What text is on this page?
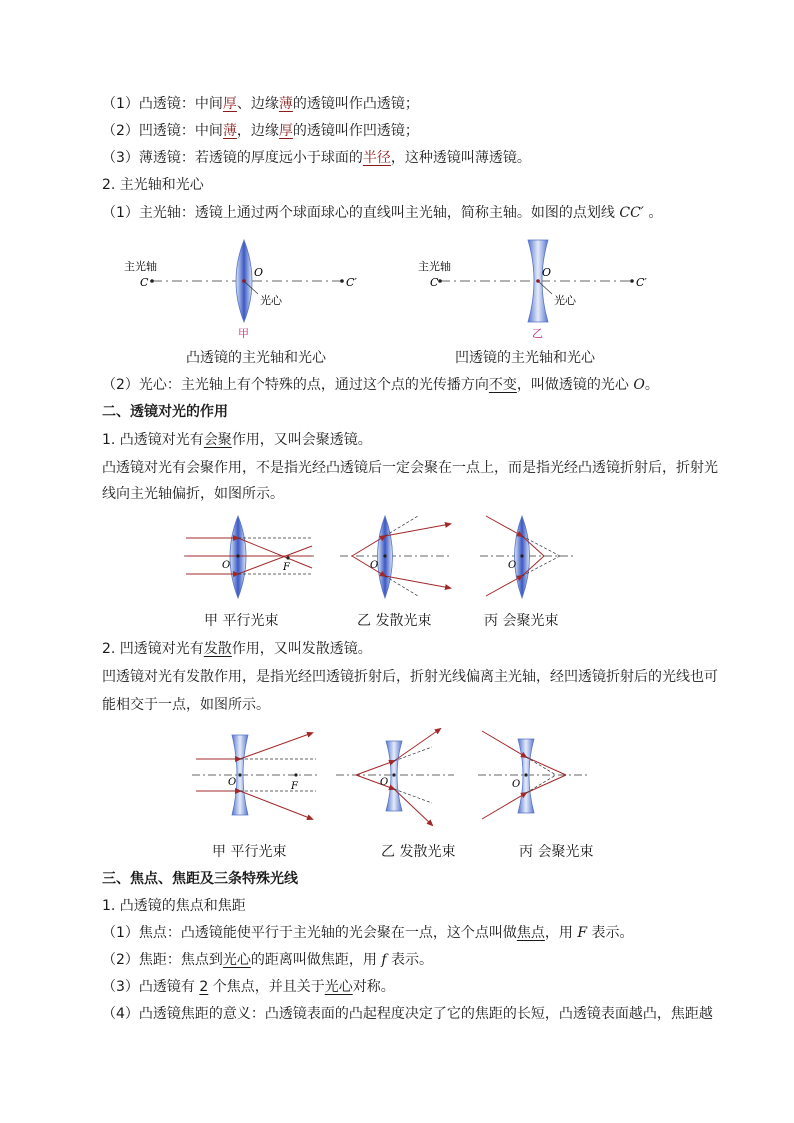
（1）凸透镜：中间厚、边缘薄的透镜叫作凸透镜；
（2）凹透镜：中间薄，边缘厚的透镜叫作凹透镜；
（3）薄透镜：若透镜的厚度远小于球面的半径，这种透镜叫薄透镜。
2. 主光轴和光心
（1）主光轴：透镜上通过两个球面球心的直线叫主光轴，简称主轴。如图的点划线 CC′ 。
主光轴
C
O
C′
光心
甲
主光轴
C
O
C′
光心
乙
凸透镜的主光轴和光心	凹透镜的主光轴和光心
（2）光心：主光轴上有个特殊的点，通过这个点的光传播方向不变，叫做透镜的光心 O。
二、透镜对光的作用
1. 凸透镜对光有会聚作用，又叫会聚透镜。
凸透镜对光有会聚作用，不是指光经凸透镜后一定会聚在一点上，而是指光经凸透镜折射后，折射光
线向主光轴偏折，如图所示。
O	F	O	O
甲 平行光束	乙 发散光束	丙 会聚光束
2. 凹透镜对光有发散作用，又叫发散透镜。
凹透镜对光有发散作用，是指光经凹透镜折射后，折射光线偏离主光轴，经凹透镜折射后的光线也可
能相交于一点，如图所示。
O	F	O	O
甲 平行光束	乙 发散光束	丙 会聚光束
三、焦点、焦距及三条特殊光线
1. 凸透镜的焦点和焦距
（1）焦点：凸透镜能使平行于主光轴的光会聚在一点，这个点叫做焦点，用 F 表示。
（2）焦距：焦点到光心的距离叫做焦距，用 f 表示。
（3）凸透镜有 2 个焦点，并且关于光心对称。
（4）凸透镜焦距的意义：凸透镜表面的凸起程度决定了它的焦距的长短，凸透镜表面越凸，焦距越
